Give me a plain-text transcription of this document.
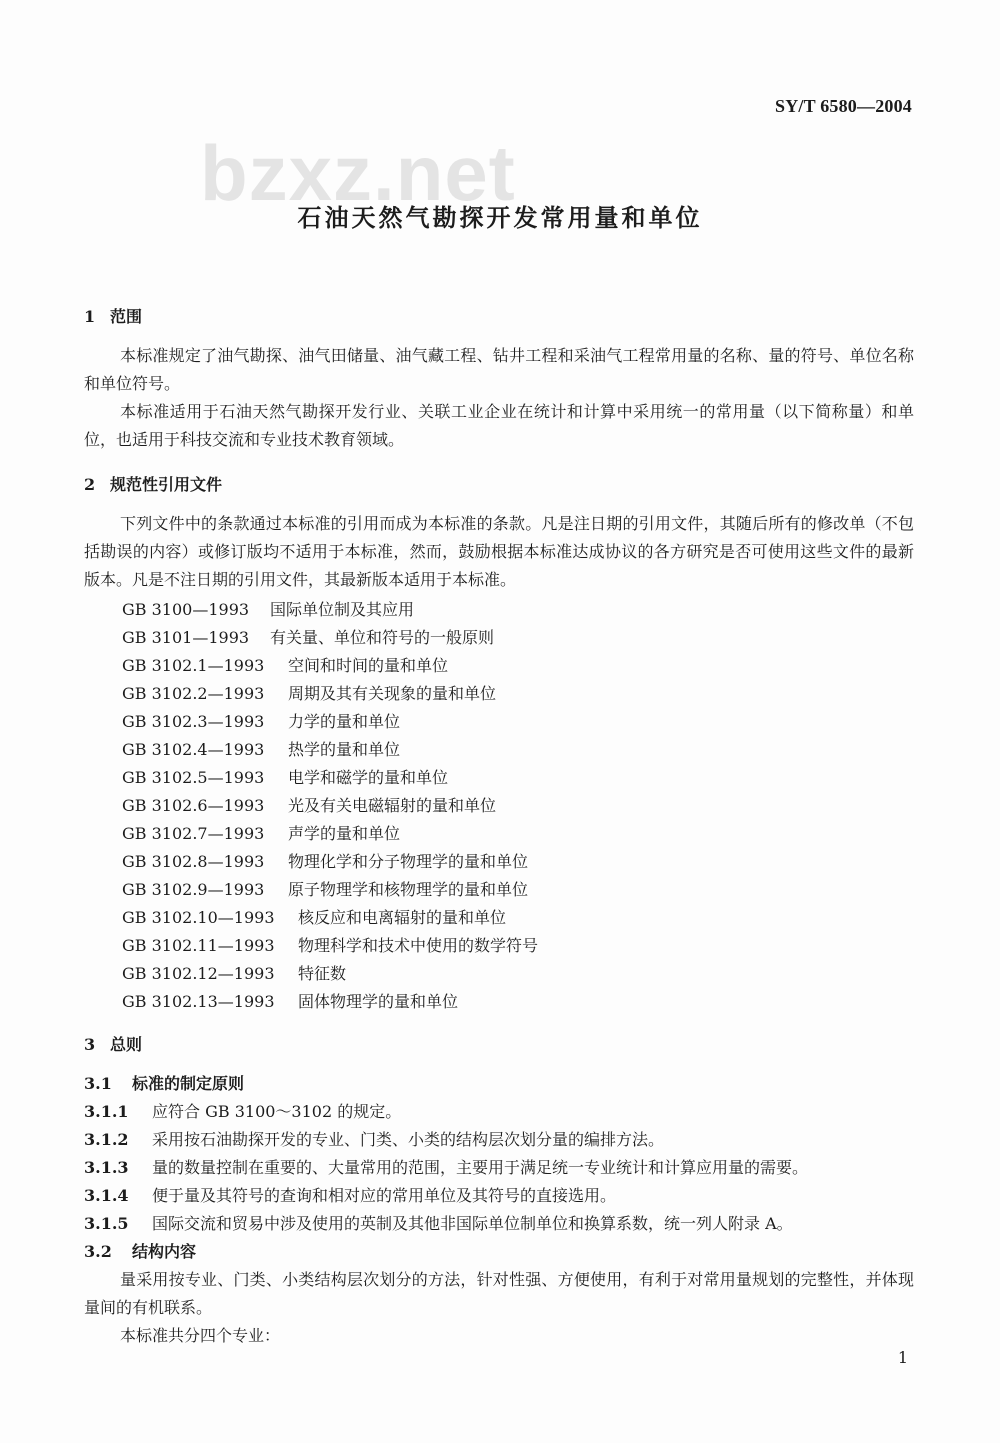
SY/T 6580—2004
bzxz.net
石油天然气勘探开发常用量和单位
1 范围

本标准规定了油气勘探、油气田储量、油气藏工程、钻井工程和采油气工程常用量的名称、量的符号、单位名称和单位符号。

本标准适用于石油天然气勘探开发行业、关联工业企业在统计和计算中采用统一的常用量（以下简称量）和单位，也适用于科技交流和专业技术教育领域。

2 规范性引用文件

下列文件中的条款通过本标准的引用而成为本标准的条款。凡是注日期的引用文件，其随后所有的修改单（不包括勘误的内容）或修订版均不适用于本标准，然而，鼓励根据本标准达成协议的各方研究是否可使用这些文件的最新版本。凡是不注日期的引用文件，其最新版本适用于本标准。

GB 3100—1993 国际单位制及其应用
GB 3101—1993 有关量、单位和符号的一般原则
GB 3102.1—1993 空间和时间的量和单位
GB 3102.2—1993 周期及其有关现象的量和单位
GB 3102.3—1993 力学的量和单位
GB 3102.4—1993 热学的量和单位
GB 3102.5—1993 电学和磁学的量和单位
GB 3102.6—1993 光及有关电磁辐射的量和单位
GB 3102.7—1993 声学的量和单位
GB 3102.8—1993 物理化学和分子物理学的量和单位
GB 3102.9—1993 原子物理学和核物理学的量和单位
GB 3102.10—1993 核反应和电离辐射的量和单位
GB 3102.11—1993 物理科学和技术中使用的数学符号
GB 3102.12—1993 特征数
GB 3102.13—1993 固体物理学的量和单位
3 总则
3.1 标准的制定原则
3.1.1 应符合 GB 3100～3102 的规定。
3.1.2 采用按石油勘探开发的专业、门类、小类的结构层次划分量的编排方法。
3.1.3 量的数量控制在重要的、大量常用的范围，主要用于满足统一专业统计和计算应用量的需要。
3.1.4 便于量及其符号的查询和相对应的常用单位及其符号的直接选用。
3.1.5 国际交流和贸易中涉及使用的英制及其他非国际单位制单位和换算系数，统一列人附录 A。
3.2 结构内容

量采用按专业、门类、小类结构层次划分的方法，针对性强、方便使用，有利于对常用量规划的完整性，并体现量间的有机联系。

本标准共分四个专业：

1
